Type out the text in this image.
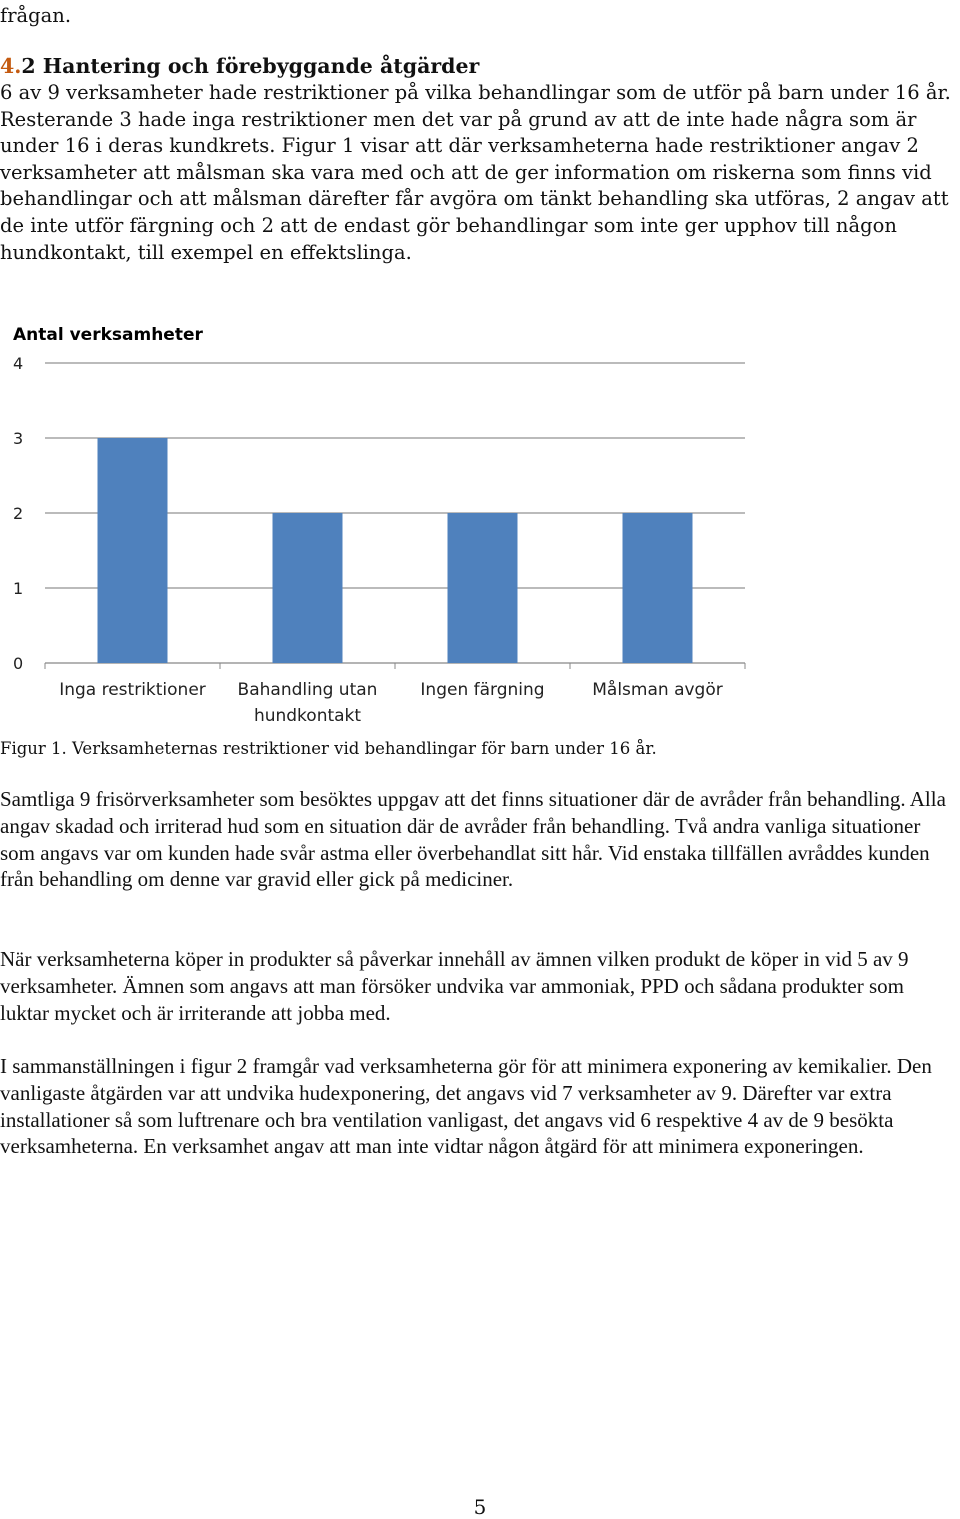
frågan.
4.2 Hantering och förebyggande åtgärder
6 av 9 verksamheter hade restriktioner på vilka behandlingar som de utför på barn under 16 år. Resterande 3 hade inga restriktioner men det var på grund av att de inte hade några som är under 16 i deras kundkrets. Figur 1 visar att där verksamheterna hade restriktioner angav 2 verksamheter att målsman ska vara med och att de ger information om riskerna som finns vid behandlingar och att målsman därefter får avgöra om tänkt behandling ska utföras, 2 angav att de inte utför färgning och 2 att de endast gör behandlingar som inte ger upphov till någon hundkontakt, till exempel en effektslinga.
Antal verksamheter
0
1
2
3
4
Inga restriktioner Bahandling utan
hundkontakt
Ingen färgning	Målsman avgör
Figur 1. Verksamheternas restriktioner vid behandlingar för barn under 16 år.
Samtliga 9 frisörverksamheter som besöktes uppgav att det finns situationer där de avråder från behandling. Alla angav skadad och irriterad hud som en situation där de avråder från behandling. Två andra vanliga situationer som angavs var om kunden hade svår astma eller överbehandlat sitt hår. Vid enstaka tillfällen avråddes kunden från behandling om denne var gravid eller gick på mediciner.
När verksamheterna köper in produkter så påverkar innehåll av ämnen vilken produkt de köper in vid 5 av 9 verksamheter. Ämnen som angavs att man försöker undvika var ammoniak, PPD och sådana produkter som luktar mycket och är irriterande att jobba med.
I sammanställningen i figur 2 framgår vad verksamheterna gör för att minimera exponering av kemikalier. Den vanligaste åtgärden var att undvika hudexponering, det angavs vid 7 verksamheter av 9. Därefter var extra installationer så som luftrenare och bra ventilation vanligast, det angavs vid 6 respektive 4 av de 9 besökta verksamheterna. En verksamhet angav att man inte vidtar någon åtgärd för att minimera exponeringen.
5
